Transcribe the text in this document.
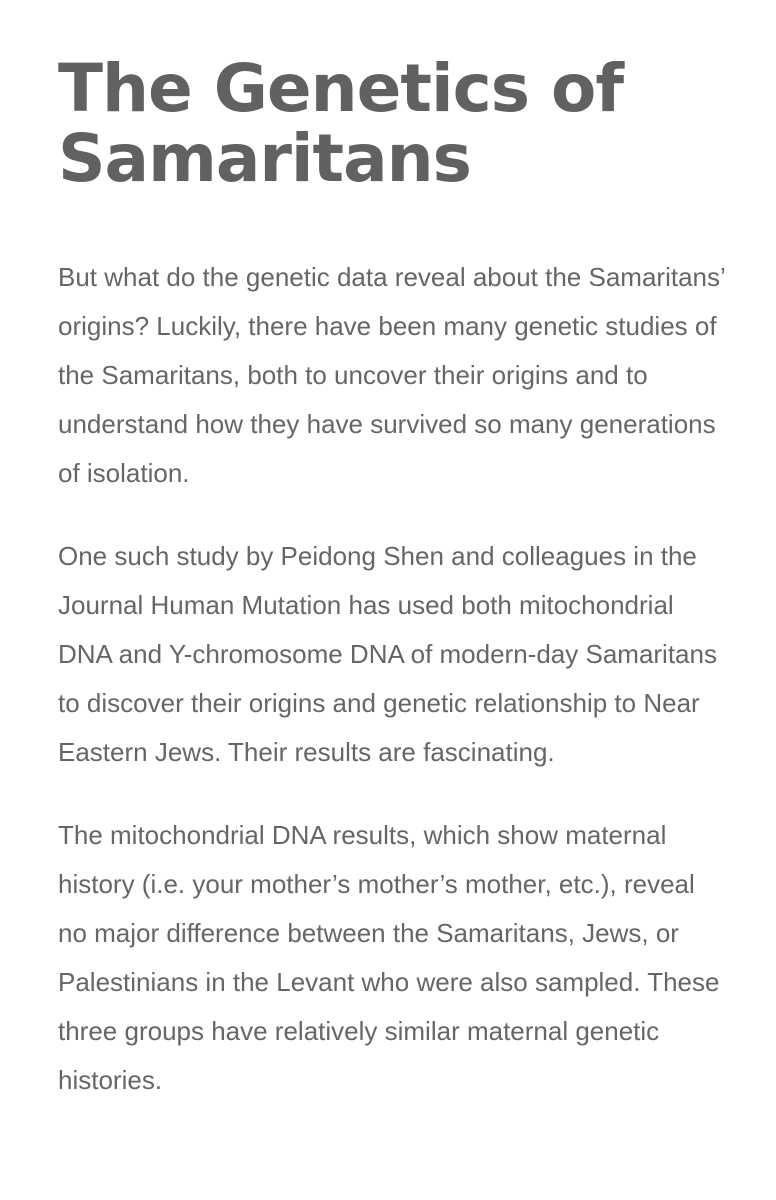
The Genetics of Samaritans

But what do the genetic data reveal about the Samaritans’ origins? Luckily, there have been many genetic studies of the Samaritans, both to uncover their origins and to understand how they have survived so many generations of isolation.

One such study by Peidong Shen and colleagues in the Journal Human Mutation has used both mitochondrial DNA and Y-chromosome DNA of modern-day Samaritans to discover their origins and genetic relationship to Near Eastern Jews. Their results are fascinating.

The mitochondrial DNA results, which show maternal history (i.e. your mother’s mother’s mother, etc.), reveal no major difference between the Samaritans, Jews, or Palestinians in the Levant who were also sampled. These three groups have relatively similar maternal genetic histories.
